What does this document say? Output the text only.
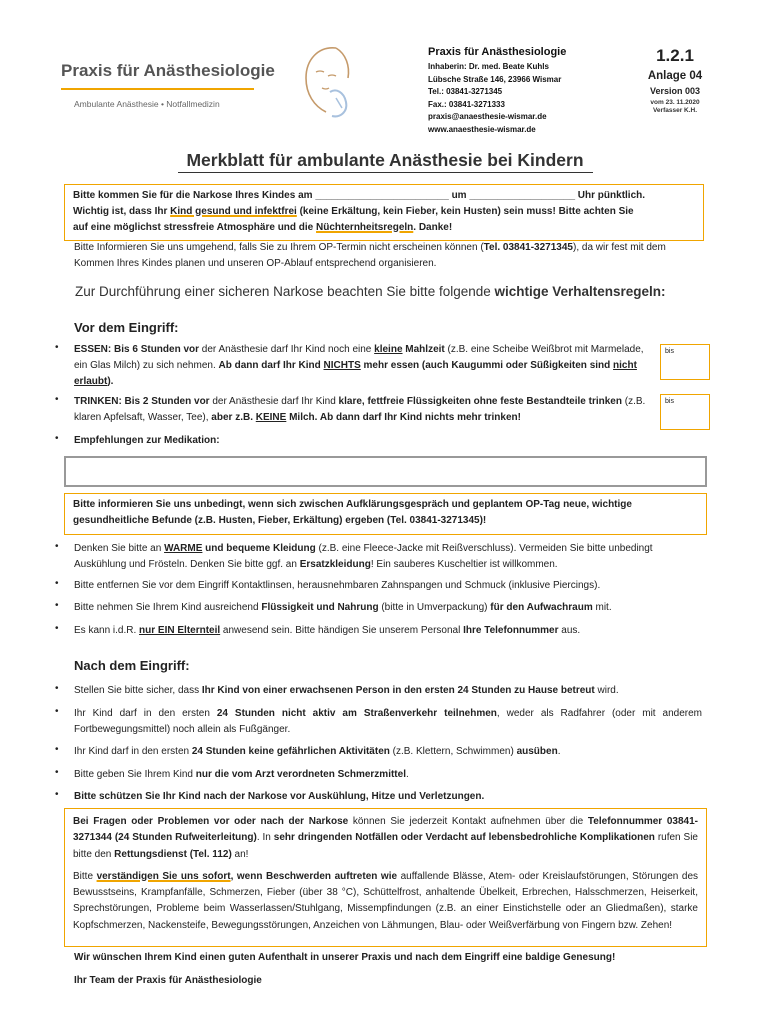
Praxis für Anästhesiologie
Ambulante Anästhesie • Notfallmedizin
Praxis für Anästhesiologie
Inhaberin: Dr. med. Beate Kuhls
Lübsche Straße 146, 23966 Wismar
Tel.: 03841-3271345
Fax.: 03841-3271333
praxis@anaesthesie-wismar.de
www.anaesthesie-wismar.de
1.2.1
Anlage 04
Version 003
vom 23. 11.2020
Verfasser K.H.
Merkblatt für ambulante Anästhesie bei Kindern
Bitte kommen Sie für die Narkose Ihres Kindes am ________________________ um ___________________ Uhr pünktlich.
Wichtig ist, dass Ihr Kind gesund und infektfrei (keine Erkältung, kein Fieber, kein Husten) sein muss! Bitte achten Sie
auf eine möglichst stressfreie Atmosphäre und die Nüchternheitsregeln. Danke!
Bitte Informieren Sie uns umgehend, falls Sie zu Ihrem OP-Termin nicht erscheinen können (Tel. 03841-3271345), da wir fest mit dem Kommen Ihres Kindes planen und unseren OP-Ablauf entsprechend organisieren.
Zur Durchführung einer sicheren Narkose beachten Sie bitte folgende wichtige Verhaltensregeln:
Vor dem Eingriff:
• ESSEN: Bis 6 Stunden vor der Anästhesie darf Ihr Kind noch eine kleine Mahlzeit (z.B. eine Scheibe Weißbrot mit Marmelade, ein Glas Milch) zu sich nehmen. Ab dann darf Ihr Kind NICHTS mehr essen (auch Kaugummi oder Süßigkeiten sind nicht erlaubt).
bis
• TRINKEN: Bis 2 Stunden vor der Anästhesie darf Ihr Kind klare, fettfreie Flüssigkeiten ohne feste Bestandteile trinken (z.B. klaren Apfelsaft, Wasser, Tee), aber z.B. KEINE Milch. Ab dann darf Ihr Kind nichts mehr trinken!
bis
• Empfehlungen zur Medikation:
Bitte informieren Sie uns unbedingt, wenn sich zwischen Aufklärungsgespräch und geplantem OP-Tag neue, wichtige gesundheitliche Befunde (z.B. Husten, Fieber, Erkältung) ergeben (Tel. 03841-3271345)!
• Denken Sie bitte an WARME und bequeme Kleidung (z.B. eine Fleece-Jacke mit Reißverschluss). Vermeiden Sie bitte unbedingt Auskühlung und Frösteln. Denken Sie bitte ggf. an Ersatzkleidung! Ein sauberes Kuscheltier ist willkommen.
• Bitte entfernen Sie vor dem Eingriff Kontaktlinsen, herausnehmbaren Zahnspangen und Schmuck (inklusive Piercings).
• Bitte nehmen Sie Ihrem Kind ausreichend Flüssigkeit und Nahrung (bitte in Umverpackung) für den Aufwachraum mit.
• Es kann i.d.R. nur EIN Elternteil anwesend sein. Bitte händigen Sie unserem Personal Ihre Telefonnummer aus.
Nach dem Eingriff:
• Stellen Sie bitte sicher, dass Ihr Kind von einer erwachsenen Person in den ersten 24 Stunden zu Hause betreut wird.
• Ihr Kind darf in den ersten 24 Stunden nicht aktiv am Straßenverkehr teilnehmen, weder als Radfahrer (oder mit anderem Fortbewegungsmittel) noch allein als Fußgänger.
• Ihr Kind darf in den ersten 24 Stunden keine gefährlichen Aktivitäten (z.B. Klettern, Schwimmen) ausüben.
• Bitte geben Sie Ihrem Kind nur die vom Arzt verordneten Schmerzmittel.
• Bitte schützen Sie Ihr Kind nach der Narkose vor Auskühlung, Hitze und Verletzungen.
Bei Fragen oder Problemen vor oder nach der Narkose können Sie jederzeit Kontakt aufnehmen über die Telefonnummer 03841-3271344 (24 Stunden Rufweiterleitung). In sehr dringenden Notfällen oder Verdacht auf lebensbedrohliche Komplikationen rufen Sie bitte den Rettungsdienst (Tel. 112) an!
Bitte verständigen Sie uns sofort, wenn Beschwerden auftreten wie auffallende Blässe, Atem- oder Kreislaufstörungen, Störungen des Bewusstseins, Krampfanfälle, Schmerzen, Fieber (über 38 °C), Schüttelfrost, anhaltende Übelkeit, Erbrechen, Halsschmerzen, Heiserkeit, Sprechstörungen, Probleme beim Wasserlassen/Stuhlgang, Missempfindungen (z.B. an einer Einstichstelle oder an Gliedmaßen), starke Kopfschmerzen, Nackensteife, Bewegungsstörungen, Anzeichen von Lähmungen, Blau- oder Weißverfärbung von Fingern bzw. Zehen!
Wir wünschen Ihrem Kind einen guten Aufenthalt in unserer Praxis und nach dem Eingriff eine baldige Genesung!
Ihr Team der Praxis für Anästhesiologie
